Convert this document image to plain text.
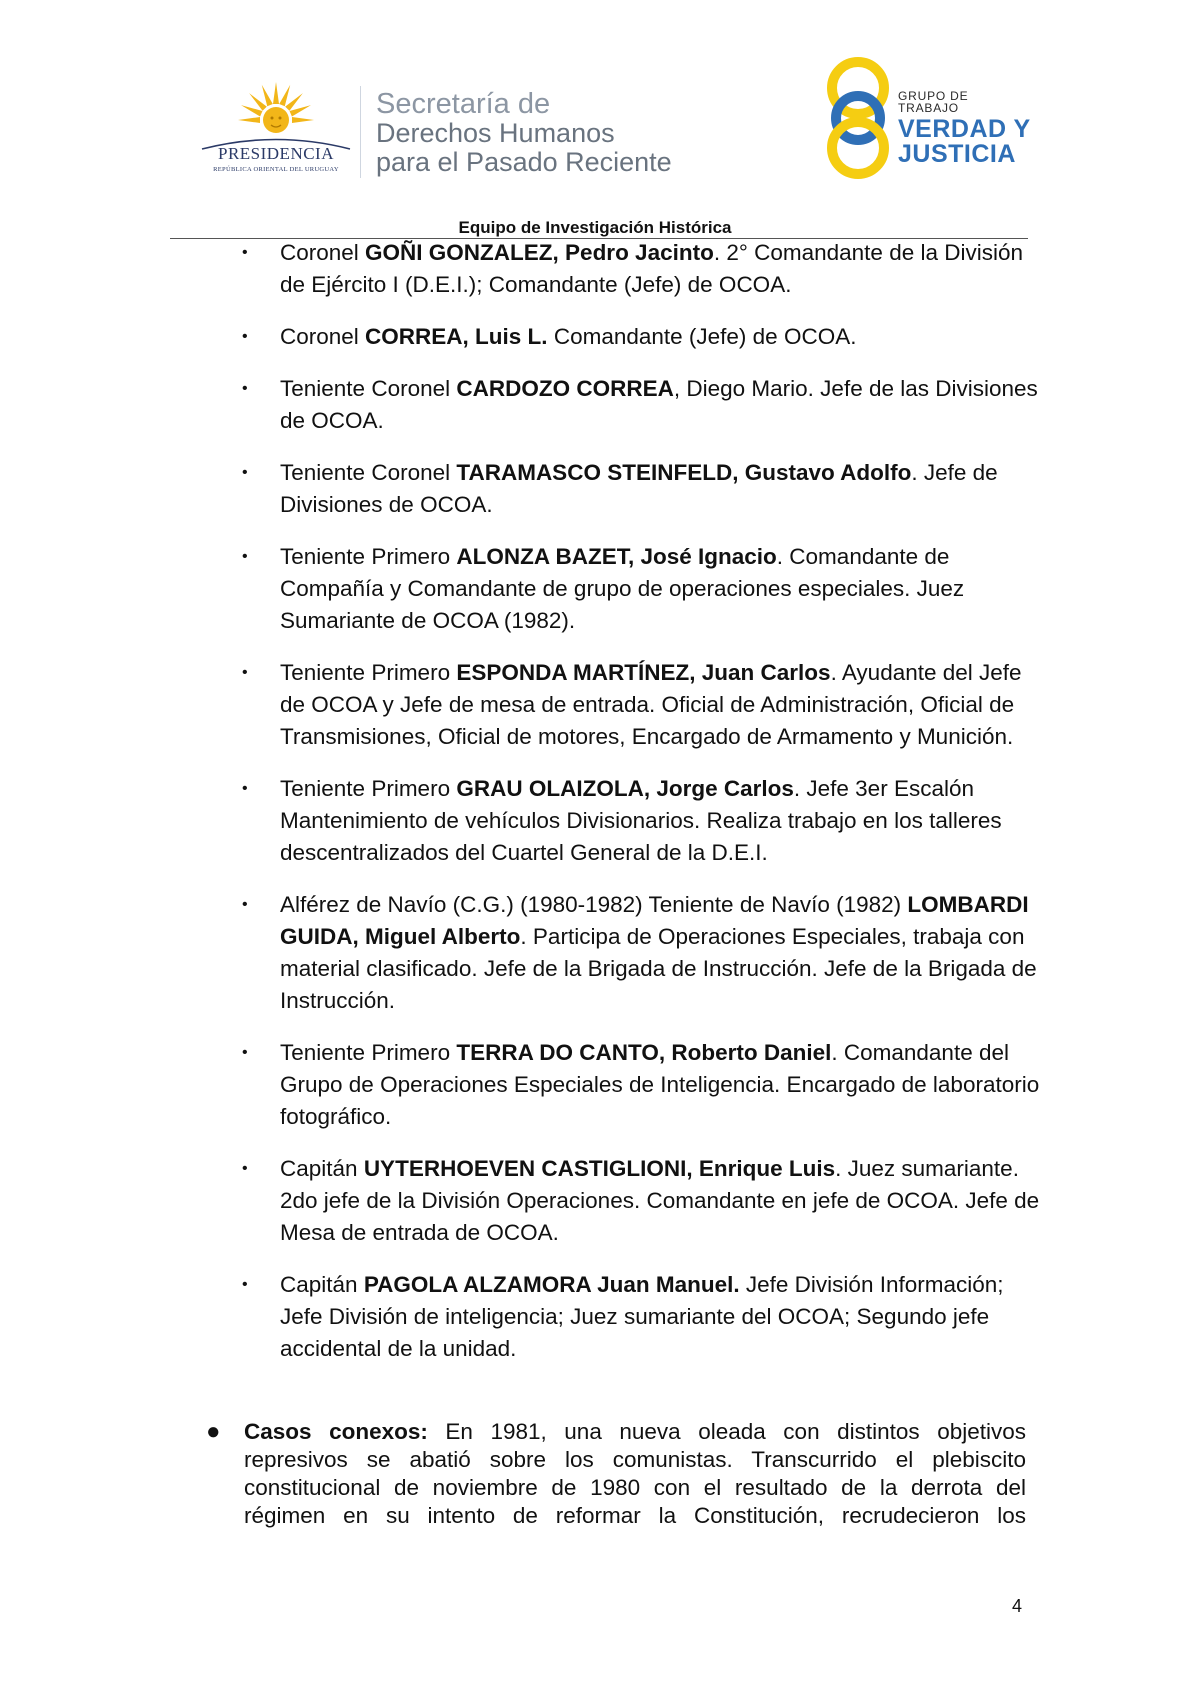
PRESIDENCIA
REPÚBLICA ORIENTAL DEL URUGUAY
Secretaría de
Derechos Humanos
para el Pasado Reciente
GRUPO DE TRABAJO
VERDAD Y
JUSTICIA
Equipo de Investigación Histórica
• Coronel GOÑI GONZALEZ, Pedro Jacinto. 2° Comandante de la División de Ejército I (D.E.I.); Comandante (Jefe) de OCOA.
• Coronel CORREA, Luis L. Comandante (Jefe) de OCOA.
• Teniente Coronel CARDOZO CORREA, Diego Mario. Jefe de las Divisiones de OCOA.
• Teniente Coronel TARAMASCO STEINFELD, Gustavo Adolfo. Jefe de Divisiones de OCOA.
• Teniente Primero ALONZA BAZET, José Ignacio. Comandante de Compañía y Comandante de grupo de operaciones especiales. Juez Sumariante de OCOA (1982).
• Teniente Primero ESPONDA MARTÍNEZ, Juan Carlos. Ayudante del Jefe de OCOA y Jefe de mesa de entrada. Oficial de Administración, Oficial de Transmisiones, Oficial de motores, Encargado de Armamento y Munición.
• Teniente Primero GRAU OLAIZOLA, Jorge Carlos. Jefe 3er Escalón Mantenimiento de vehículos Divisionarios. Realiza trabajo en los talleres descentralizados del Cuartel General de la D.E.I.
• Alférez de Navío (C.G.) (1980-1982) Teniente de Navío (1982) LOMBARDI GUIDA, Miguel Alberto. Participa de Operaciones Especiales, trabaja con material clasificado. Jefe de la Brigada de Instrucción. Jefe de la Brigada de Instrucción.
• Teniente Primero TERRA DO CANTO, Roberto Daniel. Comandante del Grupo de Operaciones Especiales de Inteligencia. Encargado de laboratorio fotográfico.
• Capitán UYTERHOEVEN CASTIGLIONI, Enrique Luis. Juez sumariante. 2do jefe de la División Operaciones. Comandante en jefe de OCOA. Jefe de Mesa de entrada de OCOA.
• Capitán PAGOLA ALZAMORA Juan Manuel. Jefe División Información; Jefe División de inteligencia; Juez sumariante del OCOA; Segundo jefe accidental de la unidad.
● Casos conexos: En 1981, una nueva oleada con distintos objetivos represivos se abatió sobre los comunistas. Transcurrido el plebiscito constitucional de noviembre de 1980 con el resultado de la derrota del régimen en su intento de reformar la Constitución, recrudecieron los

4
